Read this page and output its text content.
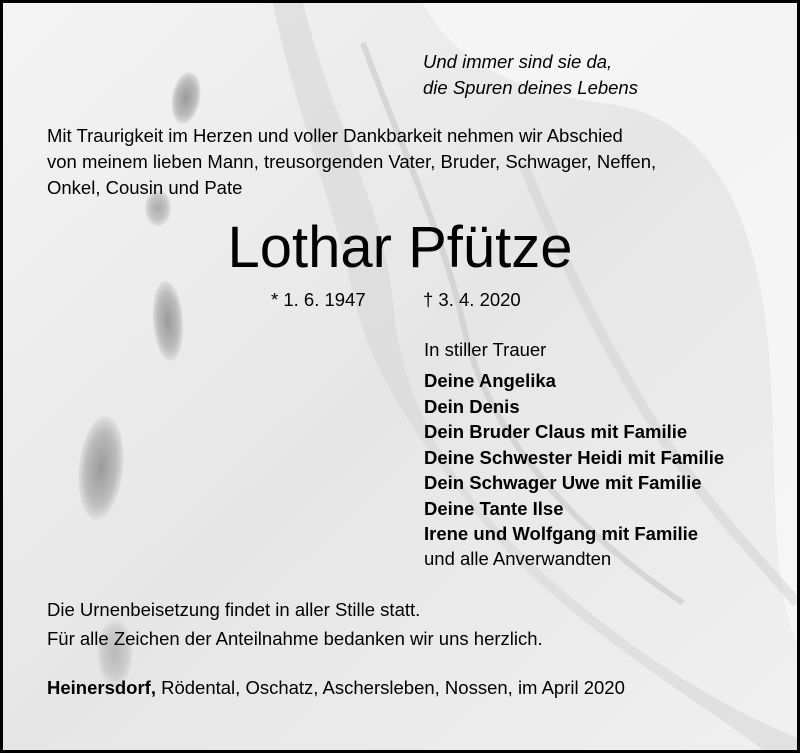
Und immer sind sie da,
die Spuren deines Lebens
Mit Traurigkeit im Herzen und voller Dankbarkeit nehmen wir Abschied
von meinem lieben Mann, treusorgenden Vater, Bruder, Schwager, Neffen,
Onkel, Cousin und Pate
Lothar Pfütze
* 1. 6. 1947	† 3. 4. 2020
In stiller Trauer
Deine Angelika
Dein Denis
Dein Bruder Claus mit Familie
Deine Schwester Heidi mit Familie
Dein Schwager Uwe mit Familie
Deine Tante Ilse
Irene und Wolfgang mit Familie
und alle Anverwandten
Die Urnenbeisetzung findet in aller Stille statt.
Für alle Zeichen der Anteilnahme bedanken wir uns herzlich.
Heinersdorf, Rödental, Oschatz, Aschersleben, Nossen, im April 2020
